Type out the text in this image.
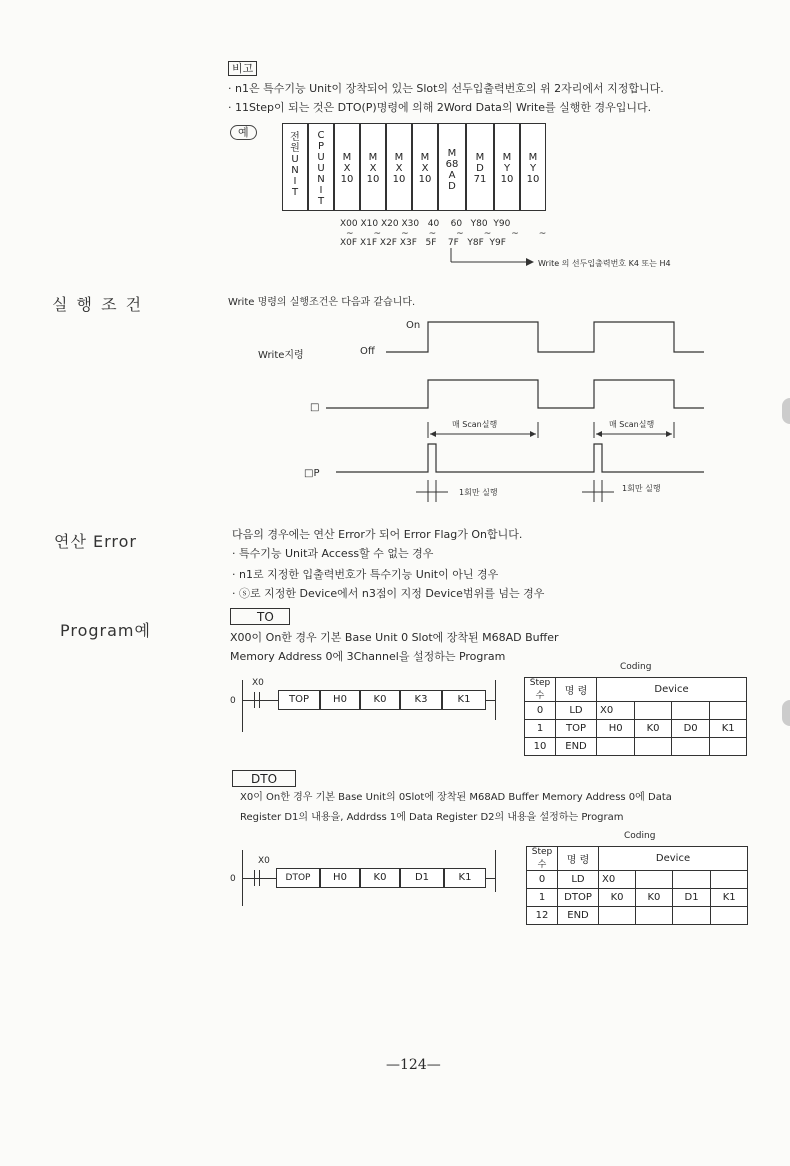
비고
· n1은 특수기능 Unit이 장착되어 있는 Slot의 선두입출력번호의 위 2자리에서 지정합니다.
· 11Step이 되는 것은 DTO(P)명령에 의해 2Word Data의 Write를 실행한 경우입니다.
예	전
원
U
N
I
T
C
P
U
U
N
I
T
M
X
10
M
X
10
M
X
10
M
X
10
M
68
A
D
M
D
71
M
Y
10
M
Y
10
X00 X10 X20 X30 40 60 Y80 Y90
~~~~~~~~
X0F X1F X2F X3F 5F 7F Y8F Y9F
Write 의 선두입출력번호 K4 또는 H4
실 행 조 건	Write 명령의 실행조건은 다음과 같습니다.
On
Off
Write지령
□
매 Scan실행	매 Scan실행
□P
1회만 실행	1회만 실행
연산 Error	다음의 경우에는 연산 Error가 되어 Error Flag가 On합니다.
· 특수기능 Unit과 Access할 수 없는 경우
· n1로 지정한 입출력번호가 특수기능 Unit이 아닌 경우
· ⓢ로 지정한 Device에서 n3점이 지정 Device범위를 넘는 경우
Program예
TO
X00이 On한 경우 기본 Base Unit 0 Slot에 장착된 M68AD Buffer
Memory Address 0에 3Channel을 설정하는 Program
Coding
0
X0
TOP	H0	K0	K3	K1
Step수	명 령	Device			
0	LD	X0			
1	TOP	H0	K0	D0	K1
10	END				
DTO
X0이 On한 경우 기본 Base Unit의 0Slot에 장착된 M68AD Buffer Memory Address 0에 Data
Register D1의 내용을, Addrdss 1에 Data Register D2의 내용을 설정하는 Program
Coding
0
X0
DTOP	H0	K0	D1	K1
Step수	명 령	Device			
0	LD	X0			
1	DTOP	K0	K0	D1	K1
12	END				
—124—
